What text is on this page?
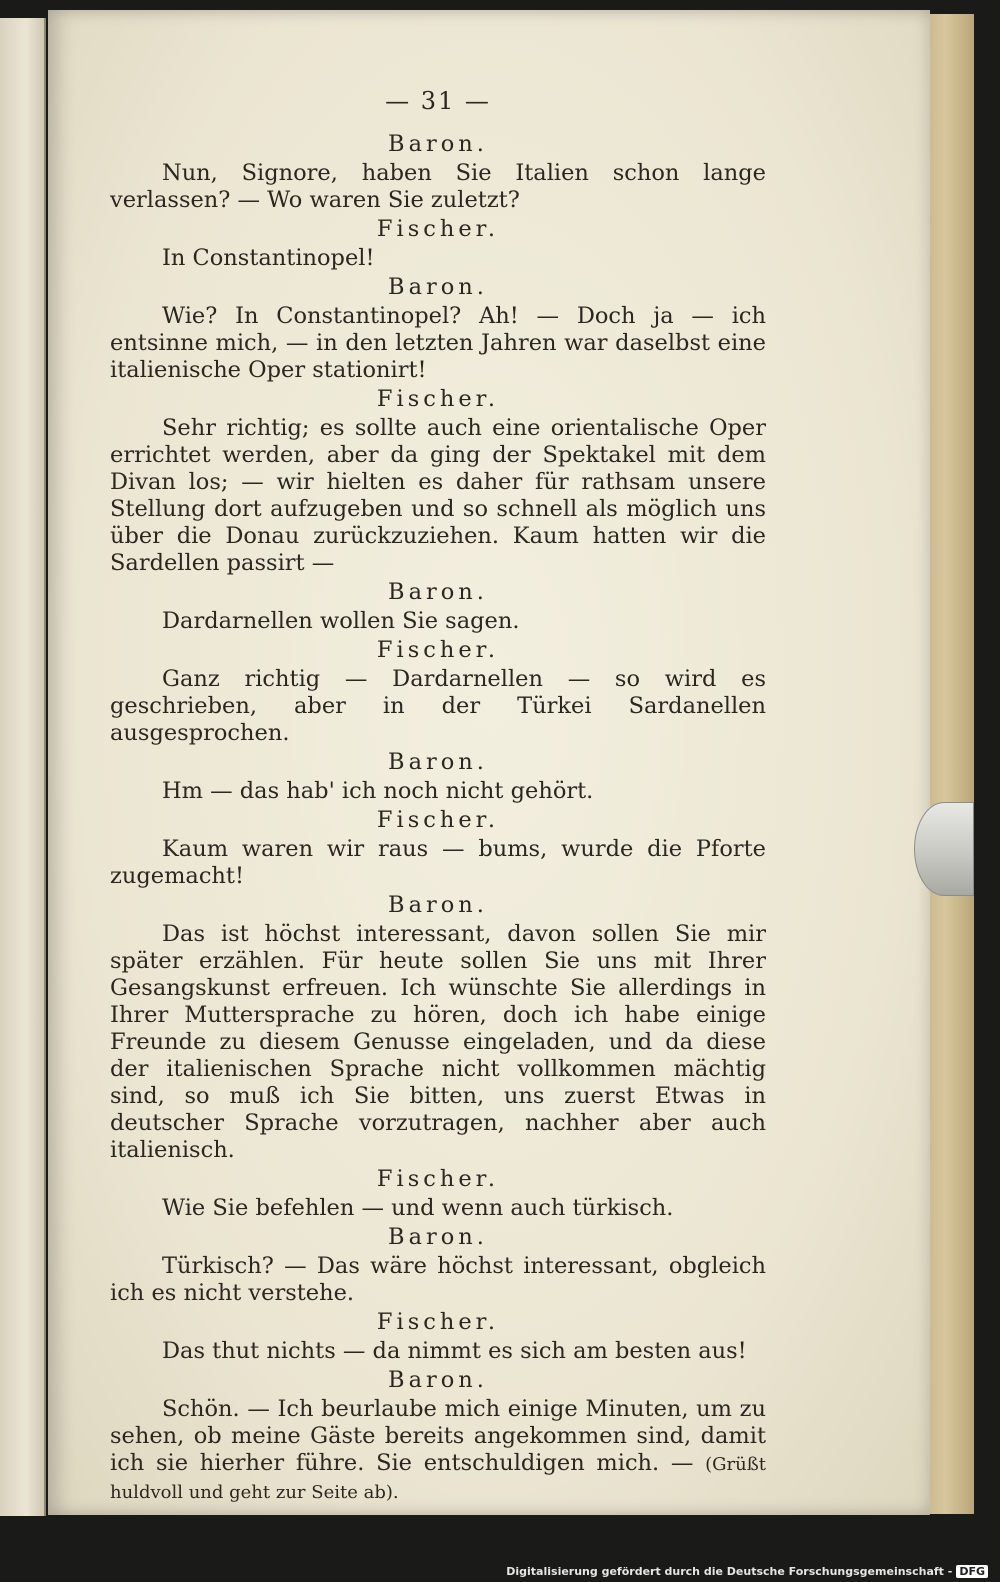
— 31 —
Baron.

Nun, Signore, haben Sie Italien schon lange verlassen? — Wo waren Sie zuletzt?

Fischer.

In Constantinopel!

Baron.

Wie? In Constantinopel? Ah! — Doch ja — ich entsinne mich, — in den letzten Jahren war daselbst eine italienische Oper stationirt!

Fischer.

Sehr richtig; es sollte auch eine orientalische Oper errichtet werden, aber da ging der Spektakel mit dem Divan los; — wir hielten es daher für rathsam unsere Stellung dort aufzugeben und so schnell als möglich uns über die Donau zurückzuziehen. Kaum hatten wir die Sardellen passirt —

Baron.

Dardarnellen wollen Sie sagen.

Fischer.

Ganz richtig — Dardarnellen — so wird es geschrieben, aber in der Türkei Sardanellen ausgesprochen.

Baron.

Hm — das hab' ich noch nicht gehört.

Fischer.

Kaum waren wir raus — bums, wurde die Pforte zugemacht!

Baron.

Das ist höchst interessant, davon sollen Sie mir später erzählen. Für heute sollen Sie uns mit Ihrer Gesangskunst erfreuen. Ich wünschte Sie allerdings in Ihrer Muttersprache zu hören, doch ich habe einige Freunde zu diesem Genusse eingeladen, und da diese der italienischen Sprache nicht vollkommen mächtig sind, so muß ich Sie bitten, uns zuerst Etwas in deutscher Sprache vorzutragen, nachher aber auch italienisch.

Fischer.

Wie Sie befehlen — und wenn auch türkisch.

Baron.

Türkisch? — Das wäre höchst interessant, obgleich ich es nicht verstehe.

Fischer.

Das thut nichts — da nimmt es sich am besten aus!

Baron.

Schön. — Ich beurlaube mich einige Minuten, um zu sehen, ob meine Gäste bereits angekommen sind, damit ich sie hierher führe. Sie entschuldigen mich. — (Grüßt huldvoll und geht zur Seite ab).

Digitalisierung gefördert durch die Deutsche Forschungsgemeinschaft - DFG
